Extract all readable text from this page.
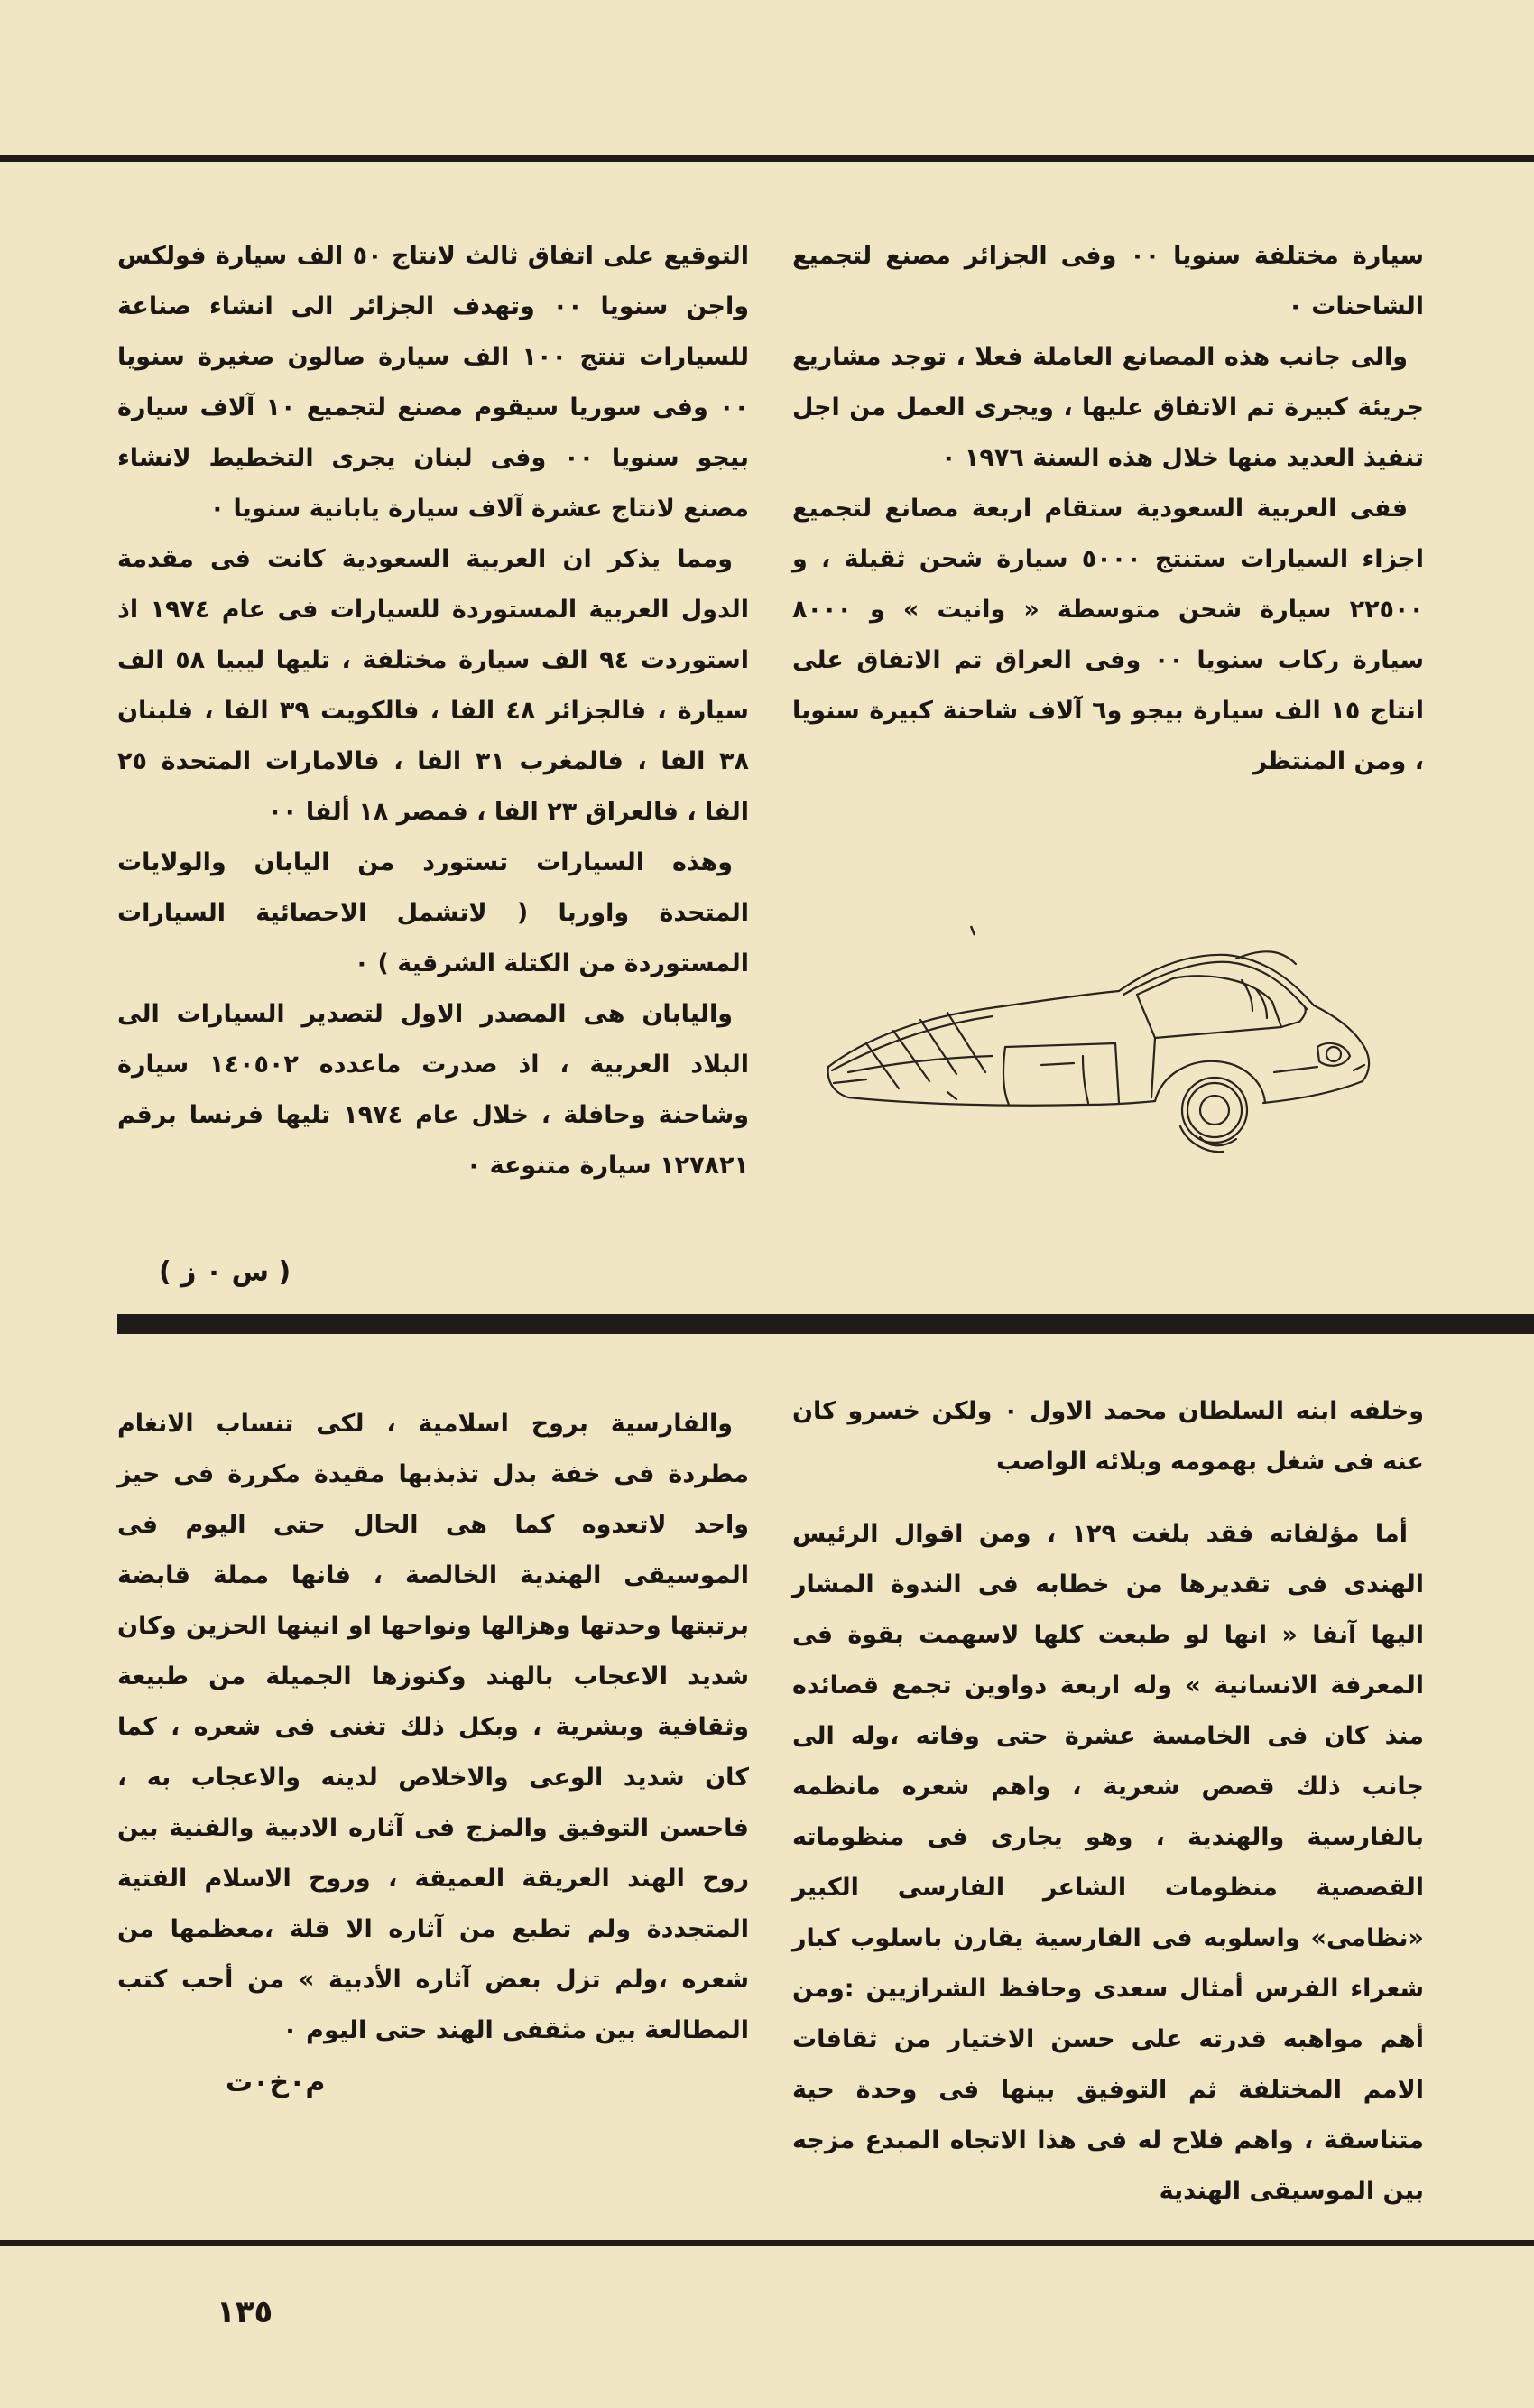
سيارة مختلفة سنويا ٠٠ وفى الجزائر مصنع لتجميع الشاحنات ٠

والى جانب هذه المصانع العاملة فعلا ، توجد مشاريع جريئة كبيرة تم الاتفاق عليها ، ويجرى العمل من اجل تنفيذ العديد منها خلال هذه السنة ١٩٧٦ ٠

ففى العربية السعودية ستقام اربعة مصانع لتجميع اجزاء السيارات ستنتج ٥٠٠٠ سيارة شحن ثقيلة ، و ٢٢٥٠٠ سيارة شحن متوسطة « وانيت » و ٨٠٠٠ سيارة ركاب سنويا ٠٠ وفى العراق تم الاتفاق على انتاج ١٥ الف سيارة بيجو و٦ آلاف شاحنة كبيرة سنويا ، ومن المنتظر

التوقيع على اتفاق ثالث لانتاج ٥٠ الف سيارة فولكس واجن سنويا ٠٠ وتهدف الجزائر الى انشاء صناعة للسيارات تنتج ١٠٠ الف سيارة صالون صغيرة سنويا ٠٠ وفى سوريا سيقوم مصنع لتجميع ١٠ آلاف سيارة بيجو سنويا ٠٠ وفى لبنان يجرى التخطيط لانشاء مصنع لانتاج عشرة آلاف سيارة يابانية سنويا ٠

ومما يذكر ان العربية السعودية كانت فى مقدمة الدول العربية المستوردة للسيارات فى عام ١٩٧٤ اذ استوردت ٩٤ الف سيارة مختلفة ، تليها ليبيا ٥٨ الف سيارة ، فالجزائر ٤٨ الفا ، فالكويت ٣٩ الفا ، فلبنان ٣٨ الفا ، فالمغرب ٣١ الفا ، فالامارات المتحدة ٢٥ الفا ، فالعراق ٢٣ الفا ، فمصر ١٨ ألفا ٠٠

وهذه السيارات تستورد من اليابان والولايات المتحدة واوربا ( لاتشمل الاحصائية السيارات المستوردة من الكتلة الشرقية ) ٠

واليابان هى المصدر الاول لتصدير السيارات الى البلاد العربية ، اذ صدرت ماعدده ١٤٠٥٠٢ سيارة وشاحنة وحافلة ، خلال عام ١٩٧٤ تليها فرنسا برقم ١٢٧٨٢١ سيارة متنوعة ٠

( س ٠ ز )

وخلفه ابنه السلطان محمد الاول ٠ ولكن خسرو كان عنه فى شغل بهمومه وبلائه الواصب

أما مؤلفاته فقد بلغت ١٢٩ ، ومن اقوال الرئيس الهندى فى تقديرها من خطابه فى الندوة المشار اليها آنفا « انها لو طبعت كلها لاسهمت بقوة فى المعرفة الانسانية » وله اربعة دواوين تجمع قصائده منذ كان فى الخامسة عشرة حتى وفاته ،وله الى جانب ذلك قصص شعرية ، واهم شعره مانظمه بالفارسية والهندية ، وهو يجارى فى منظوماته القصصية منظومات الشاعر الفارسى الكبير «نظامى» واسلوبه فى الفارسية يقارن باسلوب كبار شعراء الفرس أمثال سعدى وحافظ الشرازيين :ومن أهم مواهبه قدرته على حسن الاختيار من ثقافات الامم المختلفة ثم التوفيق بينها فى وحدة حية متناسقة ، واهم فلاح له فى هذا الاتجاه المبدع مزجه بين الموسيقى الهندية

والفارسية بروح اسلامية ، لكى تنساب الانغام مطردة فى خفة بدل تذبذبها مقيدة مكررة فى حيز واحد لاتعدوه كما هى الحال حتى اليوم فى الموسيقى الهندية الخالصة ، فانها مملة قابضة برتبتها وحدتها وهزالها ونواحها او انينها الحزين وكان شديد الاعجاب بالهند وكنوزها الجميلة من طبيعة وثقافية وبشرية ، وبكل ذلك تغنى فى شعره ، كما كان شديد الوعى والاخلاص لدينه والاعجاب به ، فاحسن التوفيق والمزج فى آثاره الادبية والفنية بين روح الهند العريقة العميقة ، وروح الاسلام الفتية المتجددة ولم تطبع من آثاره الا قلة ،معظمها من شعره ،ولم تزل بعض آثاره الأدبية » من أحب كتب المطالعة بين مثقفى الهند حتى اليوم ٠

م٠خ٠ت
١٣٥
